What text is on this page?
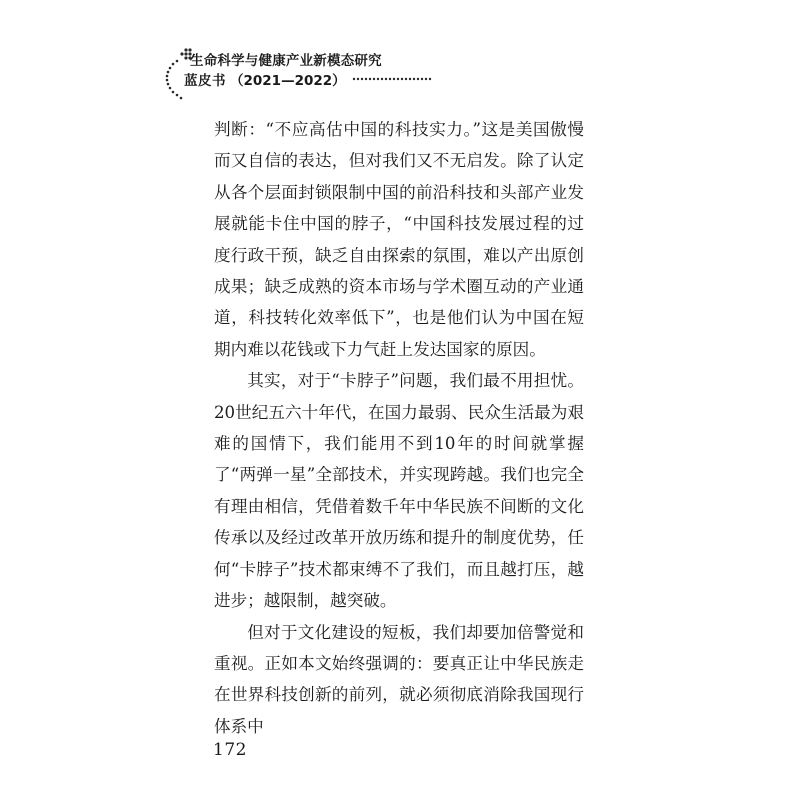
生命科学与健康产业新模态研究
蓝皮书 （2021—2022）

判断：“不应高估中国的科技实力。”这是美国傲慢而又自信的表达，但对我们又不无启发。除了认定从各个层面封锁限制中国的前沿科技和头部产业发展就能卡住中国的脖子，“中国科技发展过程的过度行政干预，缺乏自由探索的氛围，难以产出原创成果；缺乏成熟的资本市场与学术圈互动的产业通道，科技转化效率低下”，也是他们认为中国在短期内难以花钱或下力气赶上发达国家的原因。

其实，对于“卡脖子”问题，我们最不用担忧。20世纪五六十年代，在国力最弱、民众生活最为艰难的国情下，我们能用不到10年的时间就掌握了“两弹一星”全部技术，并实现跨越。我们也完全有理由相信，凭借着数千年中华民族不间断的文化传承以及经过改革开放历练和提升的制度优势，任何“卡脖子”技术都束缚不了我们，而且越打压，越进步；越限制，越突破。

但对于文化建设的短板，我们却要加倍警觉和重视。正如本文始终强调的：要真正让中华民族走在世界科技创新的前列，就必须彻底消除我国现行体系中

172
